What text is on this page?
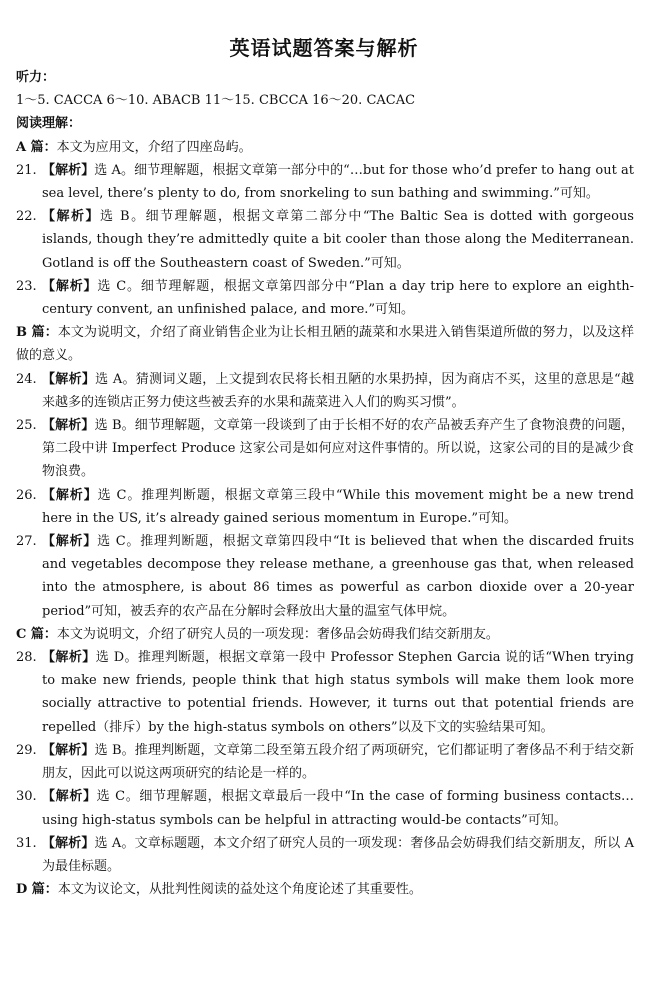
英语试题答案与解析
听力：
1～5. CACCA 6～10. ABACB 11～15. CBCCA 16～20. CACAC
阅读理解：
A 篇：本文为应用文，介绍了四座岛屿。
21. 【解析】选 A。细节理解题，根据文章第一部分中的“…but for those who’d prefer to hang out at sea level, there’s plenty to do, from snorkeling to sun bathing and swimming.”可知。
22. 【解析】选 B。细节理解题，根据文章第二部分中“The Baltic Sea is dotted with gorgeous islands, though they’re admittedly quite a bit cooler than those along the Mediterranean. Gotland is off the Southeastern coast of Sweden.”可知。
23. 【解析】选 C。细节理解题，根据文章第四部分中“Plan a day trip here to explore an eighth-century convent, an unfinished palace, and more.”可知。
B 篇：本文为说明文，介绍了商业销售企业为让长相丑陋的蔬菜和水果进入销售渠道所做的努力，以及这样做的意义。
24. 【解析】选 A。猜测词义题，上文提到农民将长相丑陋的水果扔掉，因为商店不买，这里的意思是“越来越多的连锁店正努力使这些被丢弃的水果和蔬菜进入人们的购买习惯”。
25. 【解析】选 B。细节理解题，文章第一段谈到了由于长相不好的农产品被丢弃产生了食物浪费的问题，第二段中讲 Imperfect Produce 这家公司是如何应对这件事情的。所以说，这家公司的目的是减少食物浪费。
26. 【解析】选 C。推理判断题，根据文章第三段中“While this movement might be a new trend here in the US, it’s already gained serious momentum in Europe.”可知。
27. 【解析】选 C。推理判断题，根据文章第四段中“It is believed that when the discarded fruits and vegetables decompose they release methane, a greenhouse gas that, when released into the atmosphere, is about 86 times as powerful as carbon dioxide over a 20-year period”可知，被丢弃的农产品在分解时会释放出大量的温室气体甲烷。
C 篇：本文为说明文，介绍了研究人员的一项发现：奢侈品会妨碍我们结交新朋友。
28. 【解析】选 D。推理判断题，根据文章第一段中 Professor Stephen Garcia 说的话“When trying to make new friends, people think that high status symbols will make them look more socially attractive to potential friends. However, it turns out that potential friends are repelled（排斥）by the high-status symbols on others”以及下文的实验结果可知。
29. 【解析】选 B。推理判断题，文章第二段至第五段介绍了两项研究，它们都证明了奢侈品不利于结交新朋友，因此可以说这两项研究的结论是一样的。
30. 【解析】选 C。细节理解题，根据文章最后一段中“In the case of forming business contacts… using high-status symbols can be helpful in attracting would-be contacts”可知。
31. 【解析】选 A。文章标题题，本文介绍了研究人员的一项发现：奢侈品会妨碍我们结交新朋友，所以 A 为最佳标题。
D 篇：本文为议论文，从批判性阅读的益处这个角度论述了其重要性。
